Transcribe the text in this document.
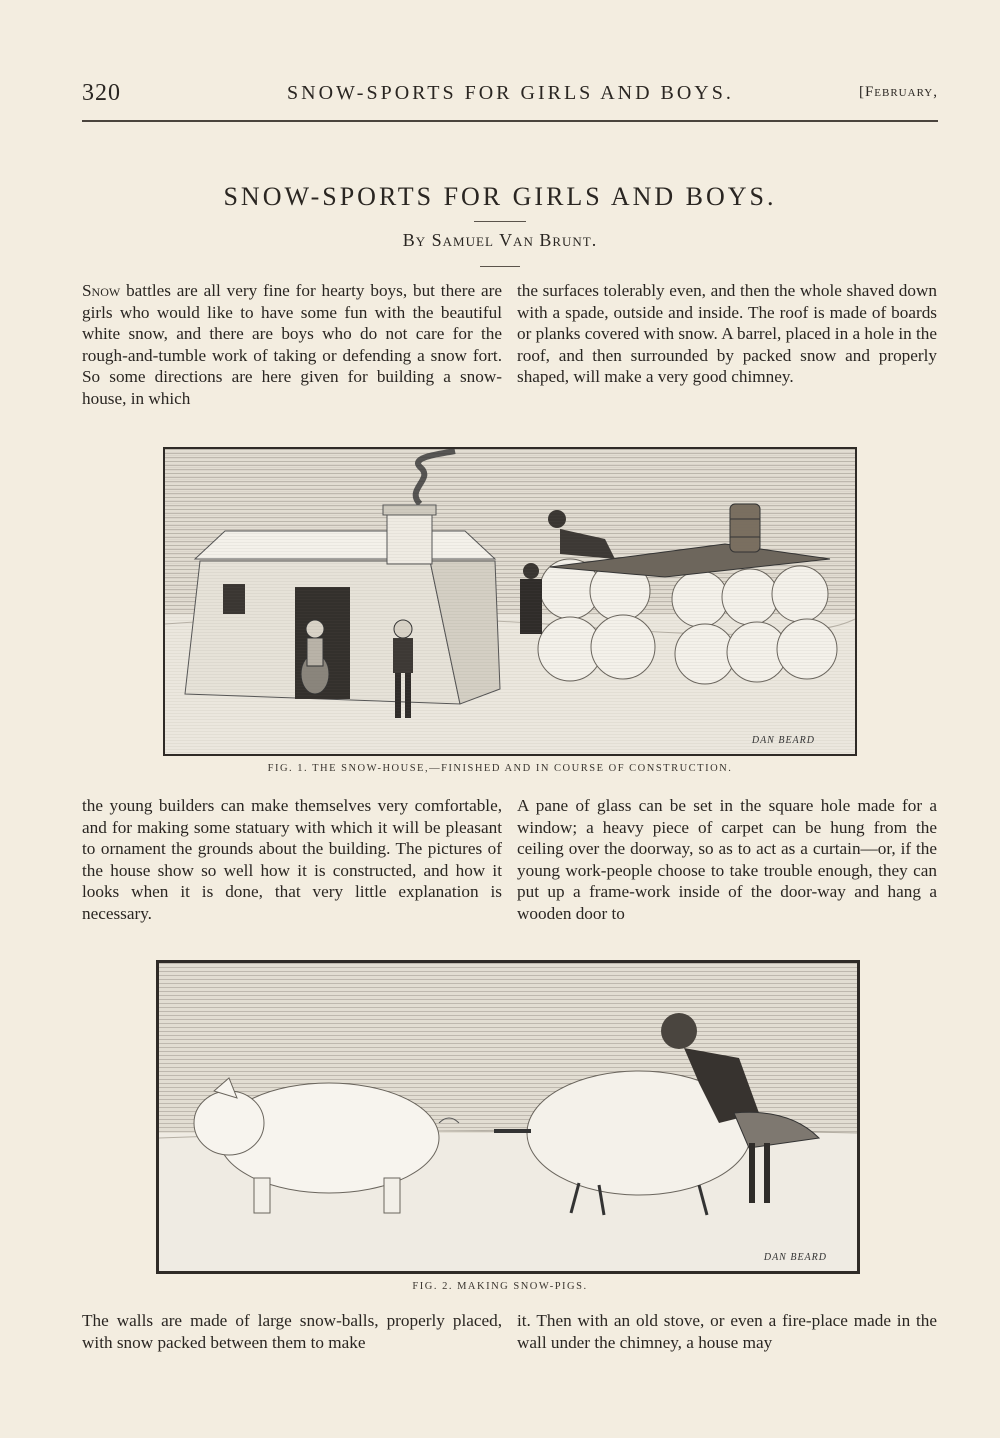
320	SNOW-SPORTS FOR GIRLS AND BOYS.	[February,
SNOW-SPORTS FOR GIRLS AND BOYS.
By Samuel Van Brunt.

Snow battles are all very fine for hearty boys, but there are girls who would like to have some fun with the beautiful white snow, and there are boys who do not care for the rough-and-tumble work of taking or defending a snow fort. So some directions are here given for building a snow-house, in which

the surfaces tolerably even, and then the whole shaved down with a spade, outside and inside. The roof is made of boards or planks covered with snow. A barrel, placed in a hole in the roof, and then surrounded by packed snow and properly shaped, will make a very good chimney.

DAN BEARD
FIG. 1. THE SNOW-HOUSE,—FINISHED AND IN COURSE OF CONSTRUCTION.

the young builders can make themselves very comfortable, and for making some statuary with which it will be pleasant to ornament the grounds about the building. The pictures of the house show so well how it is constructed, and how it looks when it is done, that very little explanation is necessary.

A pane of glass can be set in the square hole made for a window; a heavy piece of carpet can be hung from the ceiling over the doorway, so as to act as a curtain—or, if the young work-people choose to take trouble enough, they can put up a frame-work inside of the door-way and hang a wooden door to

DAN BEARD
FIG. 2. MAKING SNOW-PIGS.

The walls are made of large snow-balls, properly placed, with snow packed between them to make

it. Then with an old stove, or even a fire-place made in the wall under the chimney, a house may
